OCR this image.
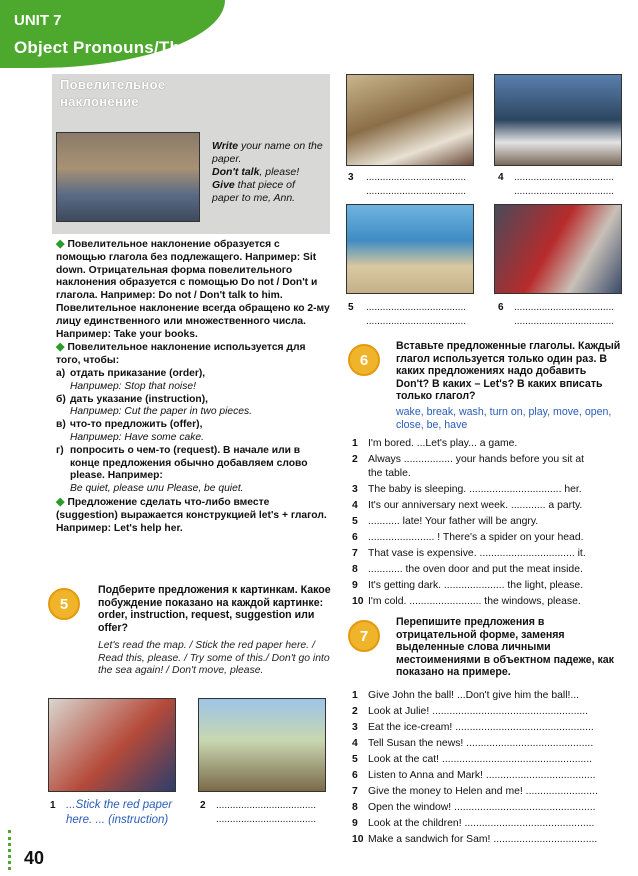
UNIT 7
Object Pronouns/The Imperative
Повелительное наклонение
Write your name on the paper.
Don't talk, please!
Give that piece of paper to me, Ann.

◆ Повелительное наклонение образуется с помощью глагола без подлежащего. Например: Sit down. Отрицательная форма повелительного наклонения образуется с помощью Do not / Don't и глагола. Например: Do not / Don't talk to him. Повелительное наклонение всегда обращено ко 2-му лицу единственного или множественного числа. Например: Take your books.

◆ Повелительное наклонение используется для того, чтобы:

а) отдать приказание (order),
Например: Stop that noise!
б) дать указание (instruction),
Например: Cut the paper in two pieces.
в) что-то предложить (offer),
Например: Have some cake.
г) попросить о чем-то (request). В начале или в конце предложения обычно добавляем слово please. Например:
Be quiet, please или Please, be quiet.

◆ Предложение сделать что-либо вместе (suggestion) выражается конструкцией let's + глагол. Например: Let's help her.

5
Подберите предложения к картинкам. Какое побуждение показано на каждой картинке: order, instruction, request, suggestion или offer?
Let's read the map. / Stick the red paper here. / Read this, please. / Try some of this./ Don't go into the sea again! / Don't move, please.
1 ...Stick the red paper here. ... (instruction)
2 ....................................
....................................
3 ....................................
....................................
4 ....................................
....................................
5 ....................................
....................................
6 ....................................
....................................
6
Вставьте предложенные глаголы. Каждый глагол используется только один раз. В каких предложениях надо добавить Don't? В каких – Let's? В каких вписать только глагол?
wake, break, wash, turn on, play, move, open, close, be, have
1 I'm bored. ...Let's play... a game.
2 Always ................. your hands before you sit at
the table.
3 The baby is sleeping. ................................ her.
4 It's our anniversary next week. ............ a party.
5 ........... late! Your father will be angry.
6 ....................... ! There's a spider on your head.
7 That vase is expensive. ................................. it.
8 ............ the oven door and put the meat inside.
9 It's getting dark. ..................... the light, please.
10 I'm cold. ......................... the windows, please.
7
Перепишите предложения в отрицательной форме, заменяя выделенные слова личными местоимениями в объектном падеже, как показано на примере.
1 Give John the ball! ...Don't give him the ball!...
2 Look at Julie! ......................................................
3 Eat the ice-cream! ................................................
4 Tell Susan the news! ............................................
5 Look at the cat! ....................................................
6 Listen to Anna and Mark! ......................................
7 Give the money to Helen and me! .........................
8 Open the window! .................................................
9 Look at the children! .............................................
10 Make a sandwich for Sam! ....................................
40
